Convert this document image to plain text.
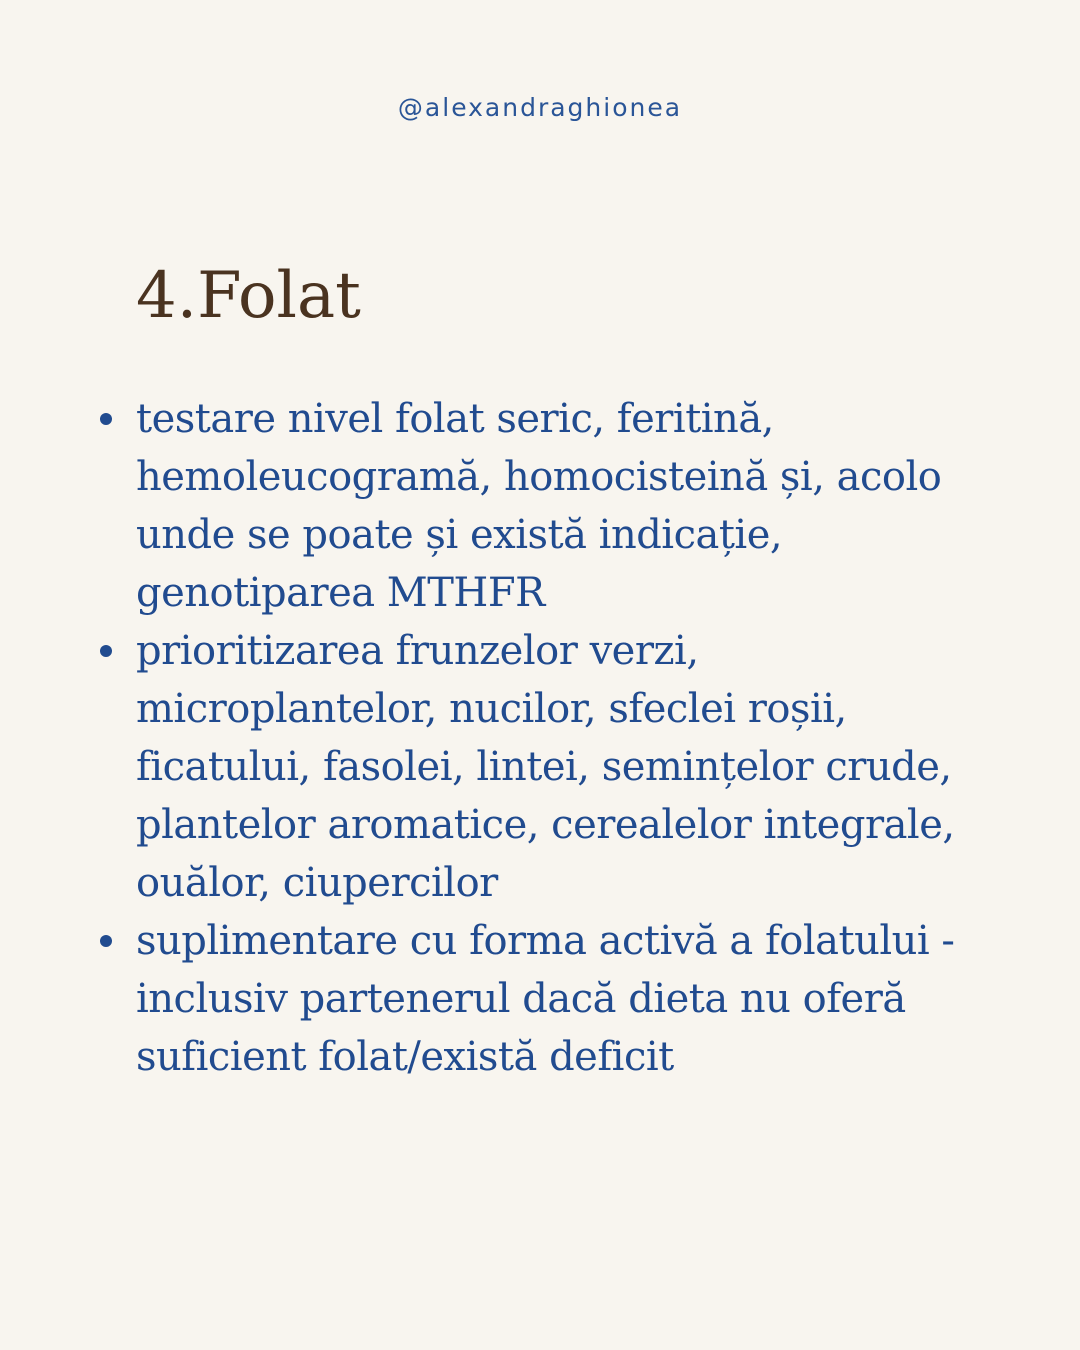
@alexandraghionea
4.Folat
testare nivel folat seric, feritină,
hemoleucogramă, homocisteină și, acolo
unde se poate și există indicație,
genotiparea MTHFR
prioritizarea frunzelor verzi,
microplantelor, nucilor, sfeclei roșii,
ficatului, fasolei, lintei, semințelor crude,
plantelor aromatice, cerealelor integrale,
ouălor, ciupercilor
suplimentare cu forma activă a folatului -
inclusiv partenerul dacă dieta nu oferă
suficient folat/există deficit
